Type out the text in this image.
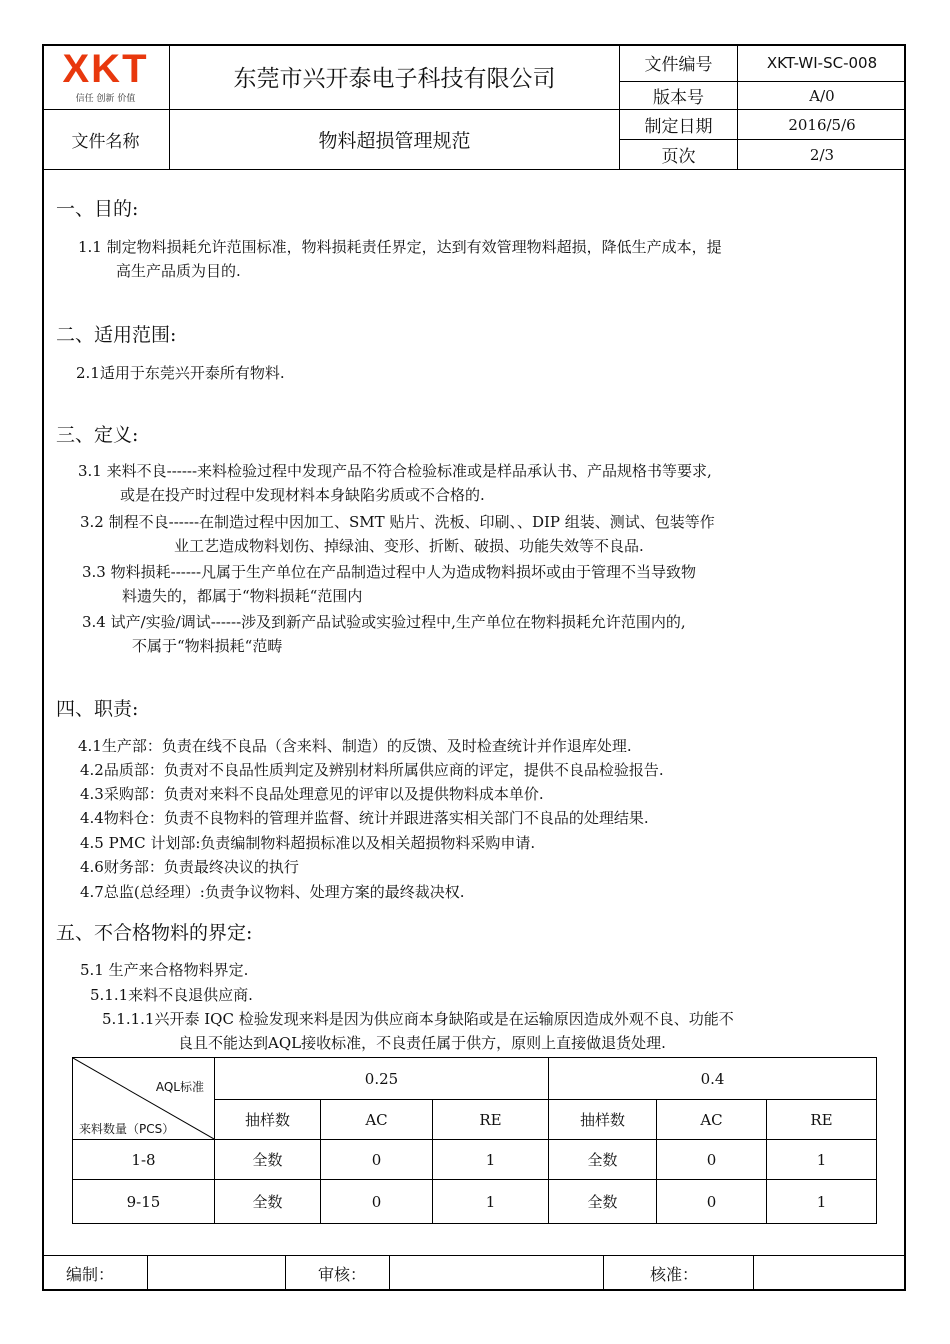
XKT
信任 创新 价值
东莞市兴开泰电子科技有限公司
文件编号	XKT-WI-SC-008
版本号	A/0
文件名称	物料超损管理规范
制定日期	2016/5/6
页次	2/3
一、目的:
1.1 制定物料损耗允许范围标准，物料损耗责任界定，达到有效管理物料超损，降低生产成本，提
高生产品质为目的.
二、适用范围:
2.1适用于东莞兴开泰所有物料.
三、定义:
3.1 来料不良------来料检验过程中发现产品不符合检验标准或是样品承认书、产品规格书等要求,
或是在投产时过程中发现材料本身缺陷劣质或不合格的.
3.2 制程不良------在制造过程中因加工、SMT 贴片、洗板、印刷、、DIP 组装、测试、包装等作
业工艺造成物料划伤、掉绿油、变形、折断、破损、功能失效等不良品.
3.3 物料损耗------凡属于生产单位在产品制造过程中人为造成物料损坏或由于管理不当导致物
料遗失的，都属于“物料损耗“范围内
3.4 试产/实验/调试------涉及到新产品试验或实验过程中,生产单位在物料损耗允许范围内的,
不属于“物料损耗“范畴
四、职责:
4.1生产部：负责在线不良品（含来料、制造）的反馈、及时检查统计并作退库处理.
4.2品质部：负责对不良品性质判定及辨别材料所属供应商的评定，提供不良品检验报告.
4.3采购部：负责对来料不良品处理意见的评审以及提供物料成本单价.
4.4物料仓：负责不良物料的管理并监督、统计并跟进落实相关部门不良品的处理结果.
4.5 PMC 计划部:负责编制物料超损标准以及相关超损物料采购申请.
4.6财务部：负责最终决议的执行
4.7总监(总经理）:负责争议物料、处理方案的最终裁决权.
五、不合格物料的界定:
5.1 生产来合格物料界定.
5.1.1来料不良退供应商.
5.1.1.1兴开泰 IQC 检验发现来料是因为供应商本身缺陷或是在运输原因造成外观不良、功能不
良且不能达到AQL接收标准，不良责任属于供方，原则上直接做退货处理.
AQL标准
来料数量（PCS）	0.25			0.4		
	抽样数	AC	RE	抽样数	AC	RE
1-8	全数	0	1	全数	0	1
9-15	全数	0	1	全数	0	1
编制：	审核：	核准：
